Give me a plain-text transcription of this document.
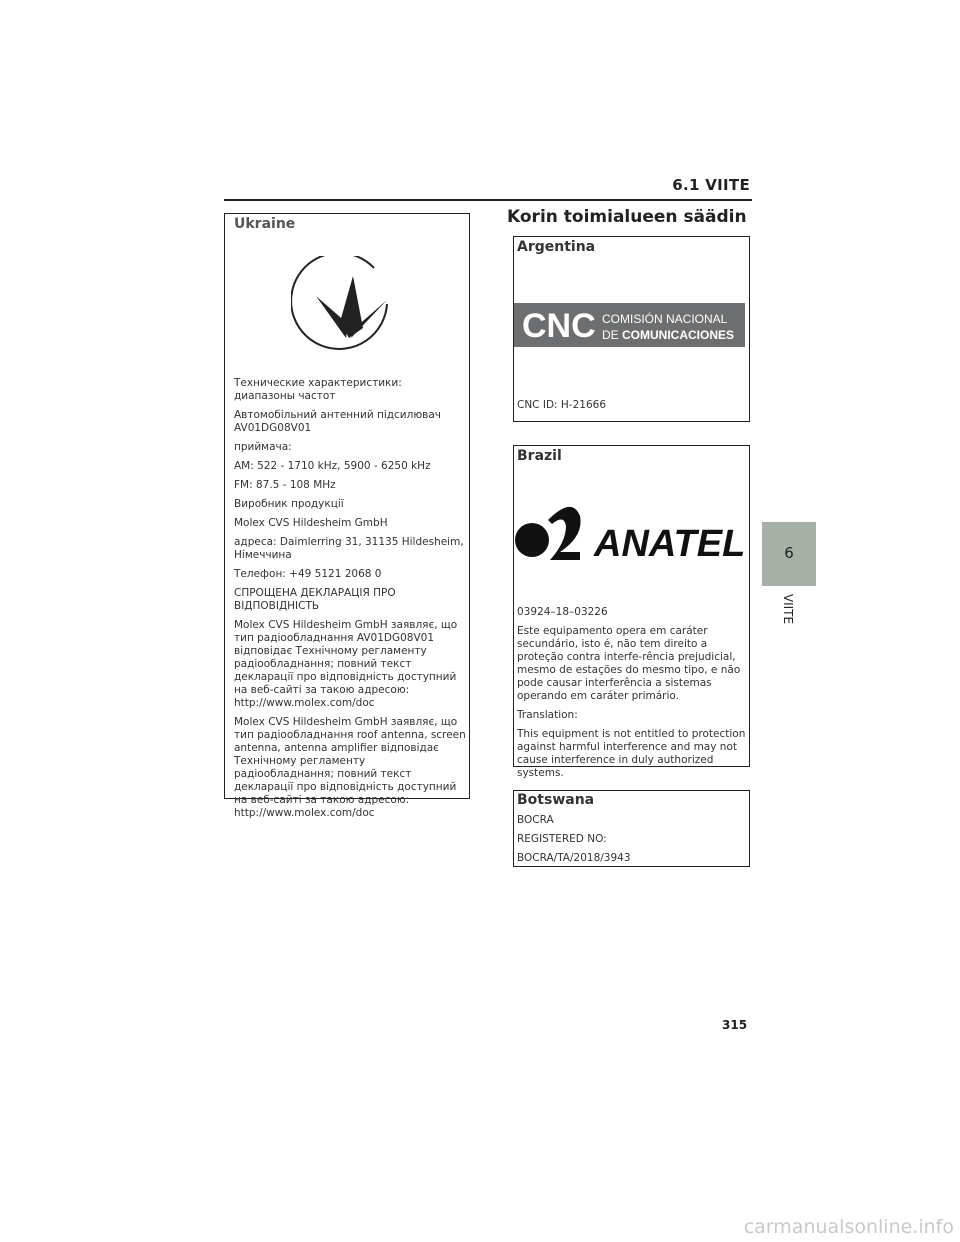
6.1 VIITE
Korin toimialueen säädin
Ukraine

Технические характеристики: диапазоны частот

Автомобільний антенний підсилювач AV01DG08V01

приймача:

AM: 522 - 1710 kHz, 5900 - 6250 kHz

FM: 87.5 - 108 MHz

Виробник продукції

Molex CVS Hildesheim GmbH

адреса: Daimlerring 31, 31135 Hildesheim, Німеччина

Телефон: +49 5121 2068 0

СПРОЩЕНА ДЕКЛАРАЦІЯ ПРО ВІДПОВІДНІСТЬ

Molex CVS Hildesheim GmbH заявляє, що тип радіообладнання AV01DG08V01 відповідає Технічному регламенту радіообладнання; повний текст декларації про відповідність доступний на веб-сайті за такою адресою: http://www.molex.com/doc

Molex CVS Hildesheim GmbH заявляє, що тип радіообладнання roof antenna, screen antenna, antenna amplifier відповідає Технічному регламенту радіообладнання; повний текст декларації про відповідність доступний на веб-сайті за такою адресою: http://www.molex.com/doc

Argentina
CNC COMISIÓN NACIONAL
DE COMUNICACIONES
CNC ID: H-21666
Brazil
ANATEL

03924–18–03226

Este equipamento opera em caráter secundário, isto é, não tem direito a proteção contra interfe-rência prejudicial, mesmo de estações do mesmo tipo, e não pode causar interferência a sistemas operando em caráter primário.

Translation:

This equipment is not entitled to protection against harmful interference and may not cause interference in duly authorized systems.

Botswana

BOCRA

REGISTERED NO:

BOCRA/TA/2018/3943

6
VIITE
315
carmanualsonline.info
